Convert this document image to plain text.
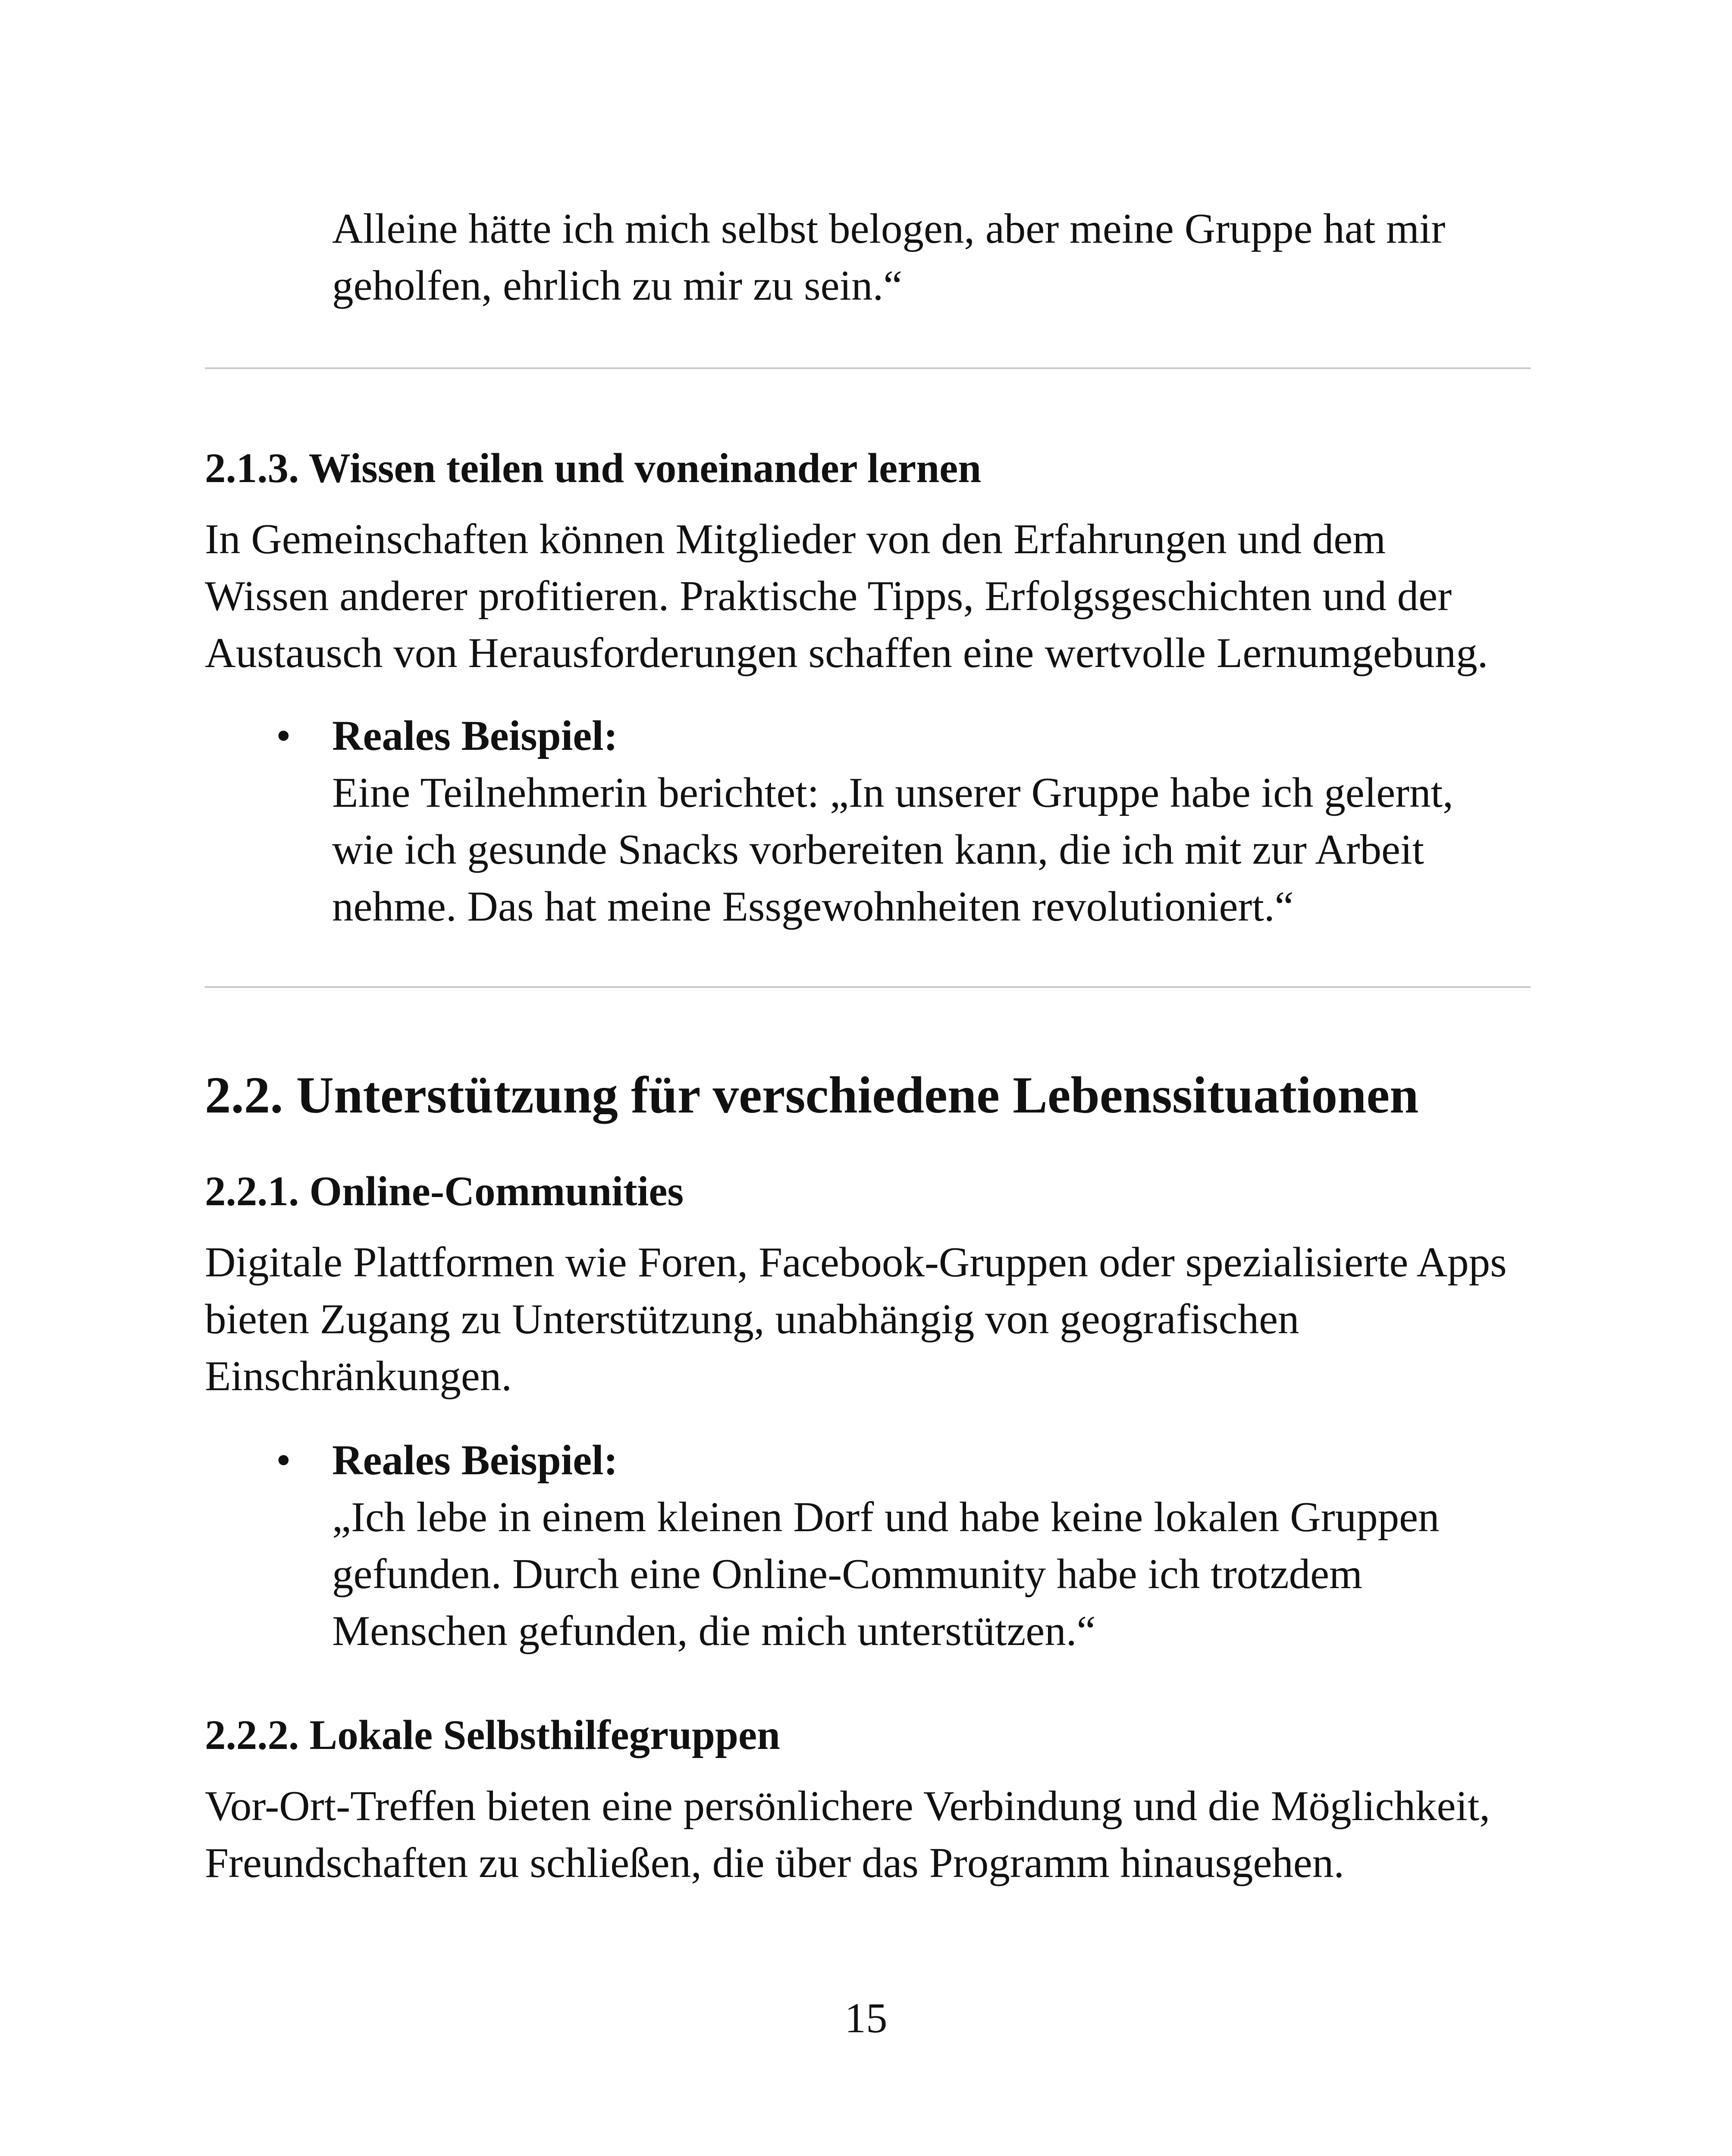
Alleine hätte ich mich selbst belogen, aber meine Gruppe hat mir
geholfen, ehrlich zu mir zu sein.“
2.1.3. Wissen teilen und voneinander lernen
In Gemeinschaften können Mitglieder von den Erfahrungen und dem
Wissen anderer profitieren. Praktische Tipps, Erfolgsgeschichten und der
Austausch von Herausforderungen schaffen eine wertvolle Lernumgebung.
• Reales Beispiel:
Eine Teilnehmerin berichtet: „In unserer Gruppe habe ich gelernt,
wie ich gesunde Snacks vorbereiten kann, die ich mit zur Arbeit
nehme. Das hat meine Essgewohnheiten revolutioniert.“
2.2. Unterstützung für verschiedene Lebenssituationen
2.2.1. Online-Communities
Digitale Plattformen wie Foren, Facebook-Gruppen oder spezialisierte Apps
bieten Zugang zu Unterstützung, unabhängig von geografischen
Einschränkungen.
• Reales Beispiel:
„Ich lebe in einem kleinen Dorf und habe keine lokalen Gruppen
gefunden. Durch eine Online-Community habe ich trotzdem
Menschen gefunden, die mich unterstützen.“
2.2.2. Lokale Selbsthilfegruppen
Vor-Ort-Treffen bieten eine persönlichere Verbindung und die Möglichkeit,
Freundschaften zu schließen, die über das Programm hinausgehen.
15
